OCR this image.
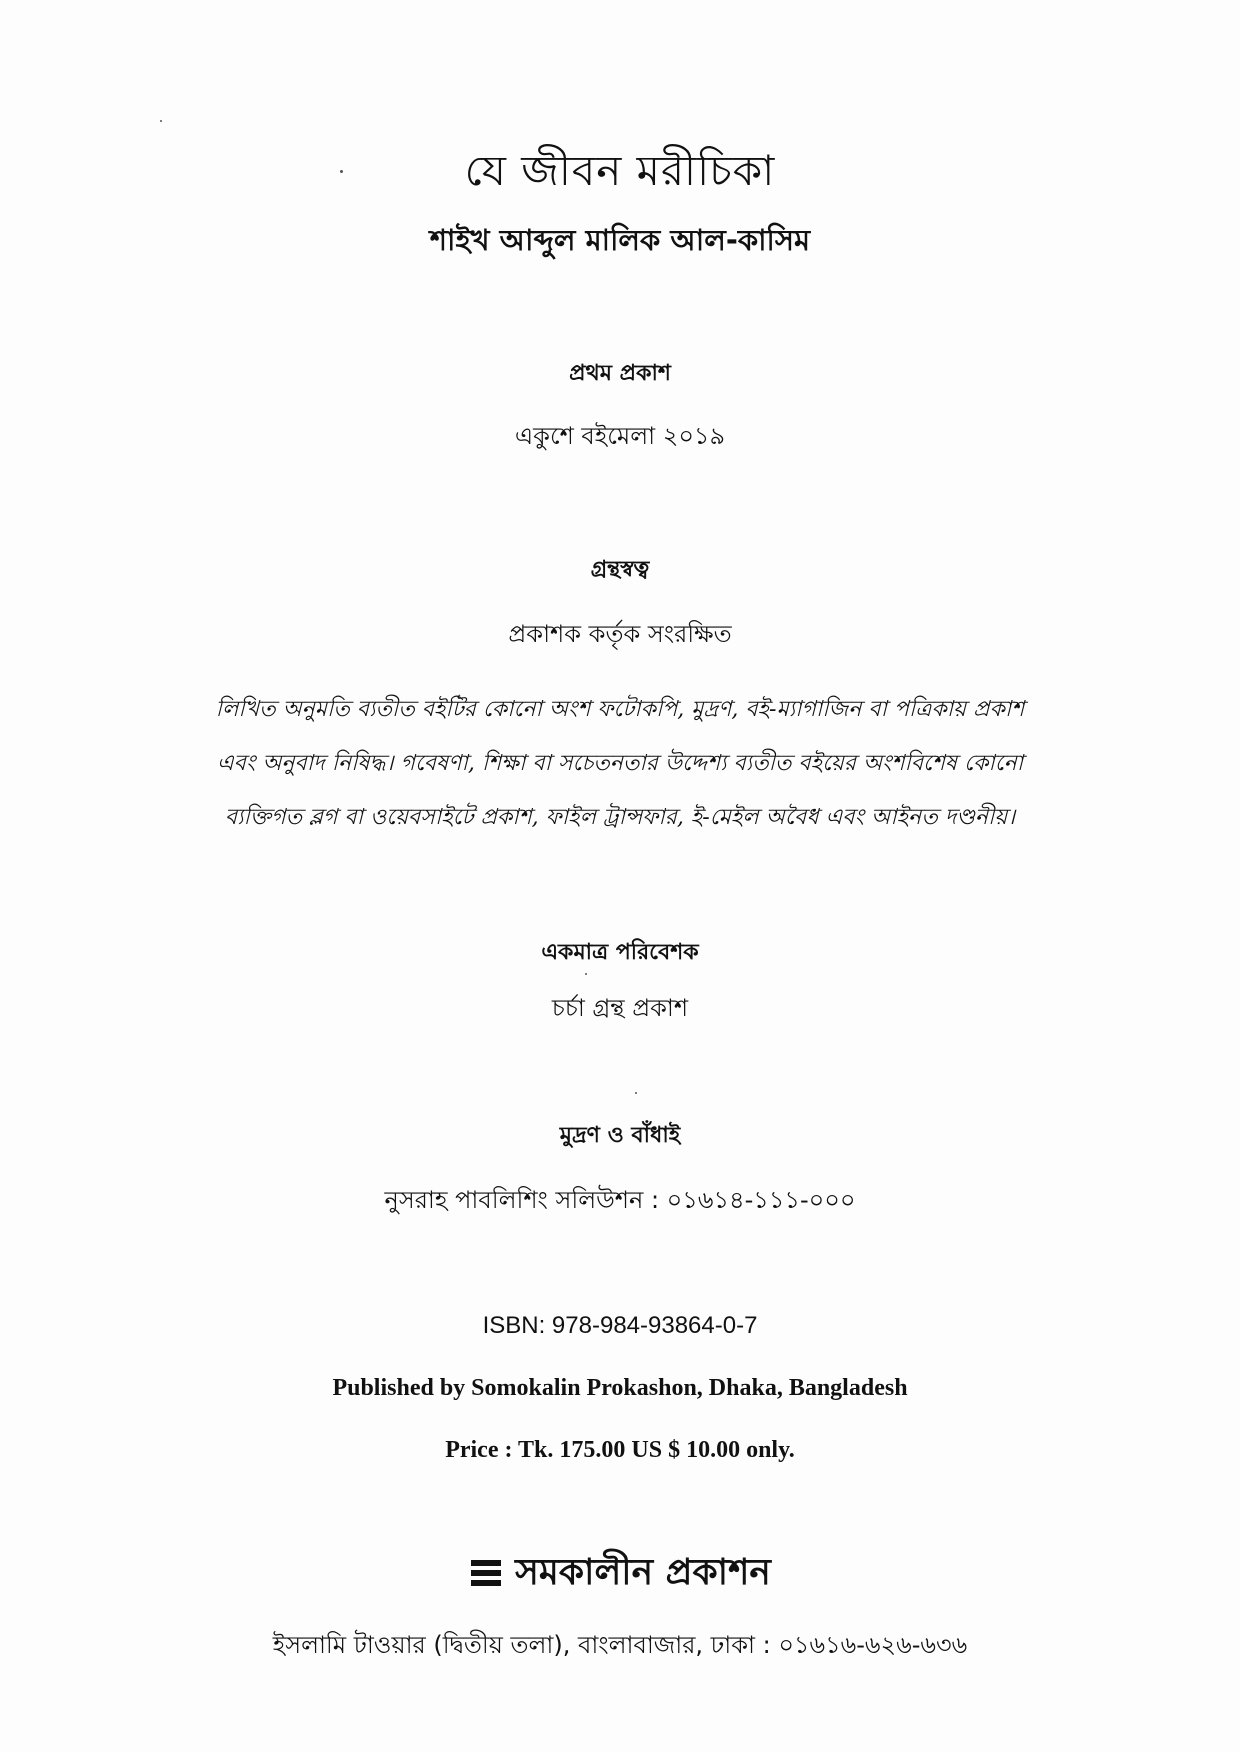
যে জীবন মরীচিকা
শাইখ আব্দুল মালিক আল-কাসিম
প্রথম প্রকাশ
একুশে বইমেলা ২০১৯
গ্রন্থস্বত্ব
প্রকাশক কর্তৃক সংরক্ষিত
লিখিত অনুমতি ব্যতীত বইটির কোনো অংশ ফটোকপি, মুদ্রণ, বই-ম্যাগাজিন বা পত্রিকায় প্রকাশ
এবং অনুবাদ নিষিদ্ধ। গবেষণা, শিক্ষা বা সচেতনতার উদ্দেশ্য ব্যতীত বইয়ের অংশবিশেষ কোনো
ব্যক্তিগত ব্লগ বা ওয়েবসাইটে প্রকাশ, ফাইল ট্রান্সফার, ই-মেইল অবৈধ এবং আইনত দণ্ডনীয়।
একমাত্র পরিবেশক
চর্চা গ্রন্থ প্রকাশ
মুদ্রণ ও বাঁধাই
নুসরাহ পাবলিশিং সলিউশন : ০১৬১৪-১১১-০০০
ISBN: 978-984-93864-0-7
Published by Somokalin Prokashon, Dhaka, Bangladesh
Price : Tk. 175.00 US $ 10.00 only.
সমকালীন প্রকাশন
ইসলামি টাওয়ার (দ্বিতীয় তলা), বাংলাবাজার, ঢাকা : ০১৬১৬-৬২৬-৬৩৬
